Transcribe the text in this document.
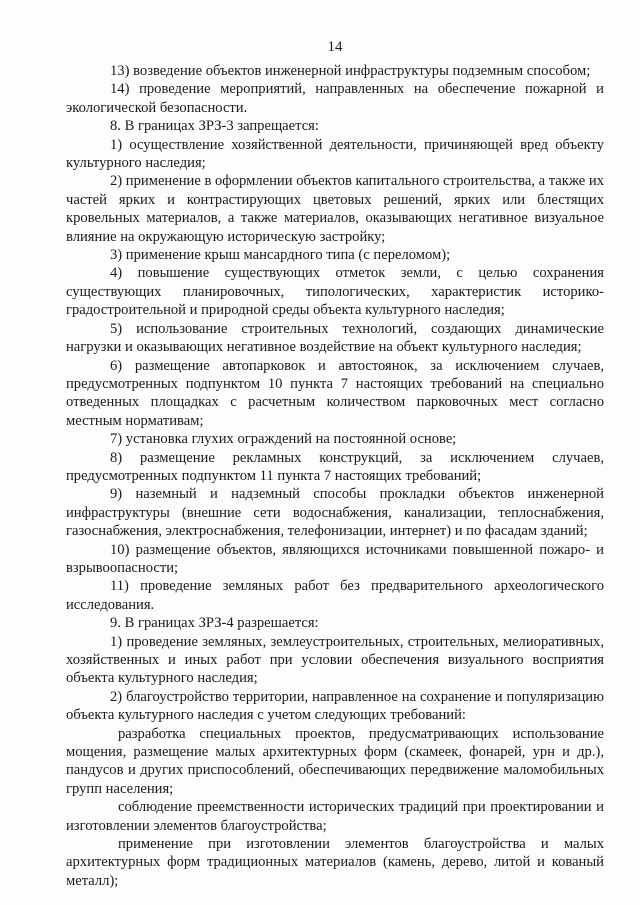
14

13) возведение объектов инженерной инфраструктуры подземным способом;

14) проведение мероприятий, направленных на обеспечение пожарной и экологической безопасности.

8. В границах ЗРЗ-3 запрещается:

1) осуществление хозяйственной деятельности, причиняющей вред объекту культурного наследия;

2) применение в оформлении объектов капитального строительства, а также их частей ярких и контрастирующих цветовых решений, ярких или блестящих кровельных материалов, а также материалов, оказывающих негативное визуальное влияние на окружающую историческую застройку;

3) применение крыш мансардного типа (с переломом);

4) повышение существующих отметок земли, с целью сохранения существующих планировочных, типологических, характеристик историко-градостроительной и природной среды объекта культурного наследия;

5) использование строительных технологий, создающих динамические нагрузки и оказывающих негативное воздействие на объект культурного наследия;

6) размещение автопарковок и автостоянок, за исключением случаев, предусмотренных подпунктом 10 пункта 7 настоящих требований на специально отведенных площадках с расчетным количеством парковочных мест согласно местным нормативам;

7) установка глухих ограждений на постоянной основе;

8) размещение рекламных конструкций, за исключением случаев, предусмотренных подпунктом 11 пункта 7 настоящих требований;

9) наземный и надземный способы прокладки объектов инженерной инфраструктуры (внешние сети водоснабжения, канализации, теплоснабжения, газоснабжения, электроснабжения, телефонизации, интернет) и по фасадам зданий;

10) размещение объектов, являющихся источниками повышенной пожаро- и взрывоопасности;

11) проведение земляных работ без предварительного археологического исследования.

9. В границах ЗРЗ-4 разрешается:

1) проведение земляных, землеустроительных, строительных, мелиоративных, хозяйственных и иных работ при условии обеспечения визуального восприятия объекта культурного наследия;

2) благоустройство территории, направленное на сохранение и популяризацию объекта культурного наследия с учетом следующих требований:

разработка специальных проектов, предусматривающих использование мощения, размещение малых архитектурных форм (скамеек, фонарей, урн и др.), пандусов и других приспособлений, обеспечивающих передвижение маломобильных групп населения;

соблюдение преемственности исторических традиций при проектировании и изготовлении элементов благоустройства;

применение при изготовлении элементов благоустройства и малых архитектурных форм традиционных материалов (камень, дерево, литой и кованый металл);
